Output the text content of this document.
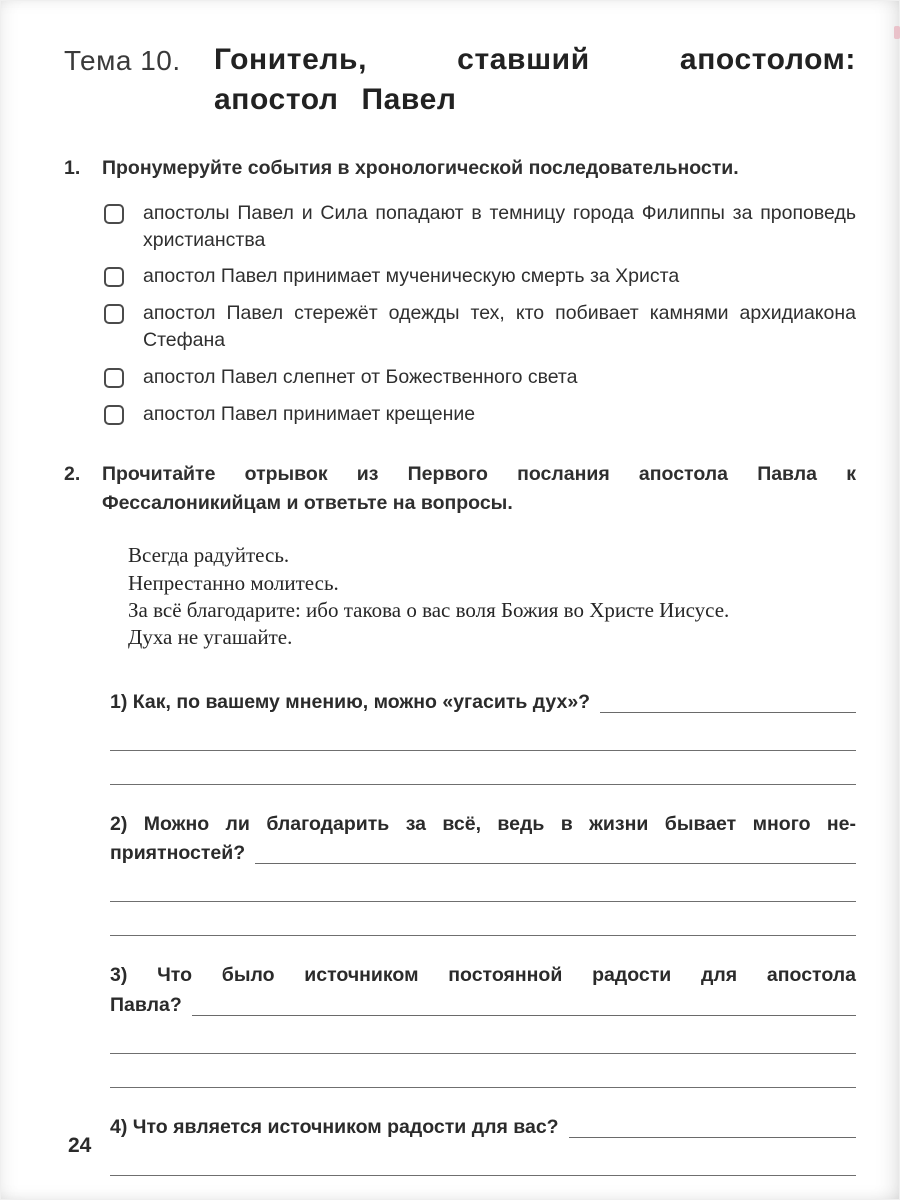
Тема 10.	Гонитель, ставший апостолом:
апостол Павел

1. Пронумеруйте события в хронологической последовательности.

апостолы Павел и Сила попадают в темницу города Филиппы за проповедь христианства
апостол Павел принимает мученическую смерть за Христа
апостол Павел стережёт одежды тех, кто побивает камнями архидиакона Стефана
апостол Павел слепнет от Божественного света
апостол Павел принимает крещение

2. Прочитайте отрывок из Первого послания апостола Павла к Фессалоникийцам и ответьте на вопросы.

Всегда радуйтесь.

Непрестанно молитесь.

За всё благодарите: ибо такова о вас воля Божия во Христе Иисусе.

Духа не угашайте.

1) Как, по вашему мнению, можно «угасить дух»?
2) Можно ли благодарить за всё, ведь в жизни бывает много не-
приятностей?
3) Что было источником постоянной радости для апостола
Павла?
4) Что является источником радости для вас?
24
